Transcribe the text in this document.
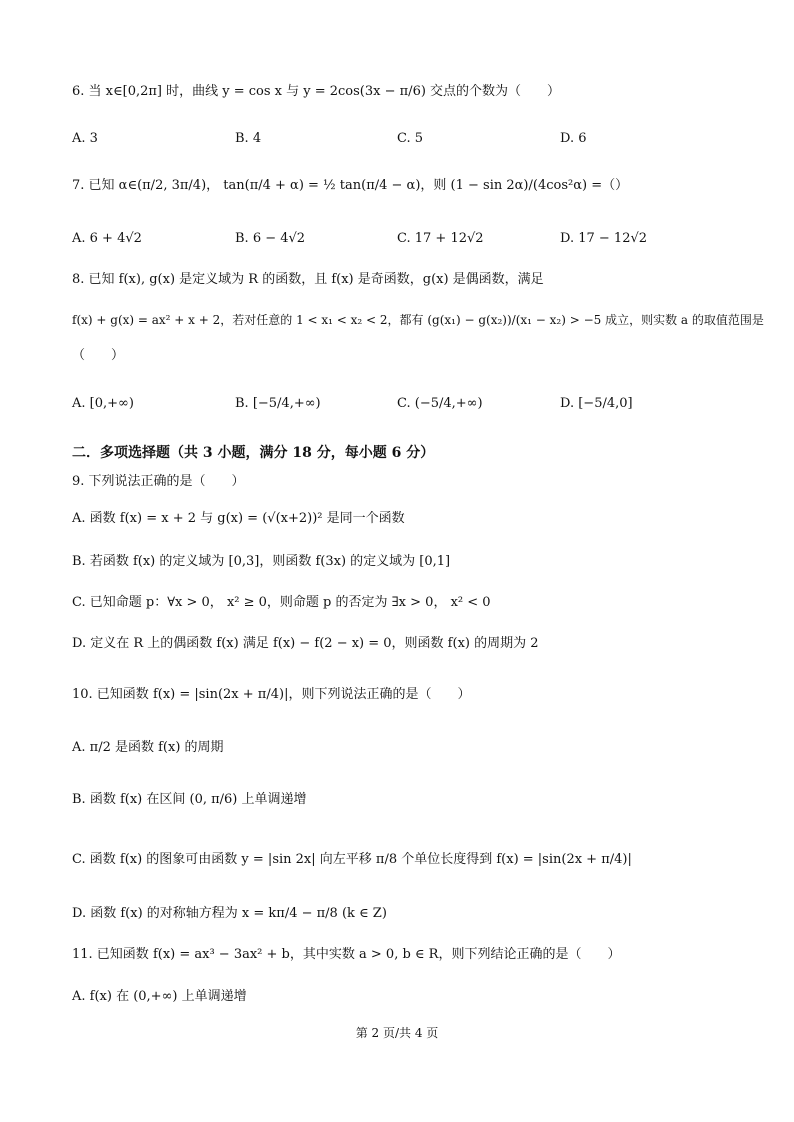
6. 当 x∈[0,2π] 时，曲线 y = cos x 与 y = 2cos(3x − π/6) 交点的个数为（　　）
A. 3	B. 4	C. 5	D. 6
7. 已知 α∈(π/2, 3π/4)， tan(π/4 + α) = ½ tan(π/4 − α)，则 (1 − sin 2α)/(4cos²α) =（）
A. 6 + 4√2	B. 6 − 4√2	C. 17 + 12√2	D. 17 − 12√2
8. 已知 f(x), g(x) 是定义域为 R 的函数，且 f(x) 是奇函数，g(x) 是偶函数，满足
f(x) + g(x) = ax² + x + 2，若对任意的 1 < x₁ < x₂ < 2，都有 (g(x₁) − g(x₂))/(x₁ − x₂) > −5 成立，则实数 a 的取值范围是
（　　）
A. [0,+∞)	B. [−5/4,+∞)	C. (−5/4,+∞)	D. [−5/4,0]
二．多项选择题（共 3 小题，满分 18 分，每小题 6 分）
9. 下列说法正确的是（　　）
A. 函数 f(x) = x + 2 与 g(x) = (√(x+2))² 是同一个函数
B. 若函数 f(x) 的定义域为 [0,3]，则函数 f(3x) 的定义域为 [0,1]
C. 已知命题 p：∀x > 0， x² ≥ 0，则命题 p 的否定为 ∃x > 0， x² < 0
D. 定义在 R 上的偶函数 f(x) 满足 f(x) − f(2 − x) = 0，则函数 f(x) 的周期为 2
10. 已知函数 f(x) = |sin(2x + π/4)|，则下列说法正确的是（　　）
A. π/2 是函数 f(x) 的周期
B. 函数 f(x) 在区间 (0, π/6) 上单调递增
C. 函数 f(x) 的图象可由函数 y = |sin 2x| 向左平移 π/8 个单位长度得到 f(x) = |sin(2x + π/4)|
D. 函数 f(x) 的对称轴方程为 x = kπ/4 − π/8 (k ∈ Z)
11. 已知函数 f(x) = ax³ − 3ax² + b，其中实数 a > 0, b ∈ R，则下列结论正确的是（　　）
A. f(x) 在 (0,+∞) 上单调递增
第 2 页/共 4 页
